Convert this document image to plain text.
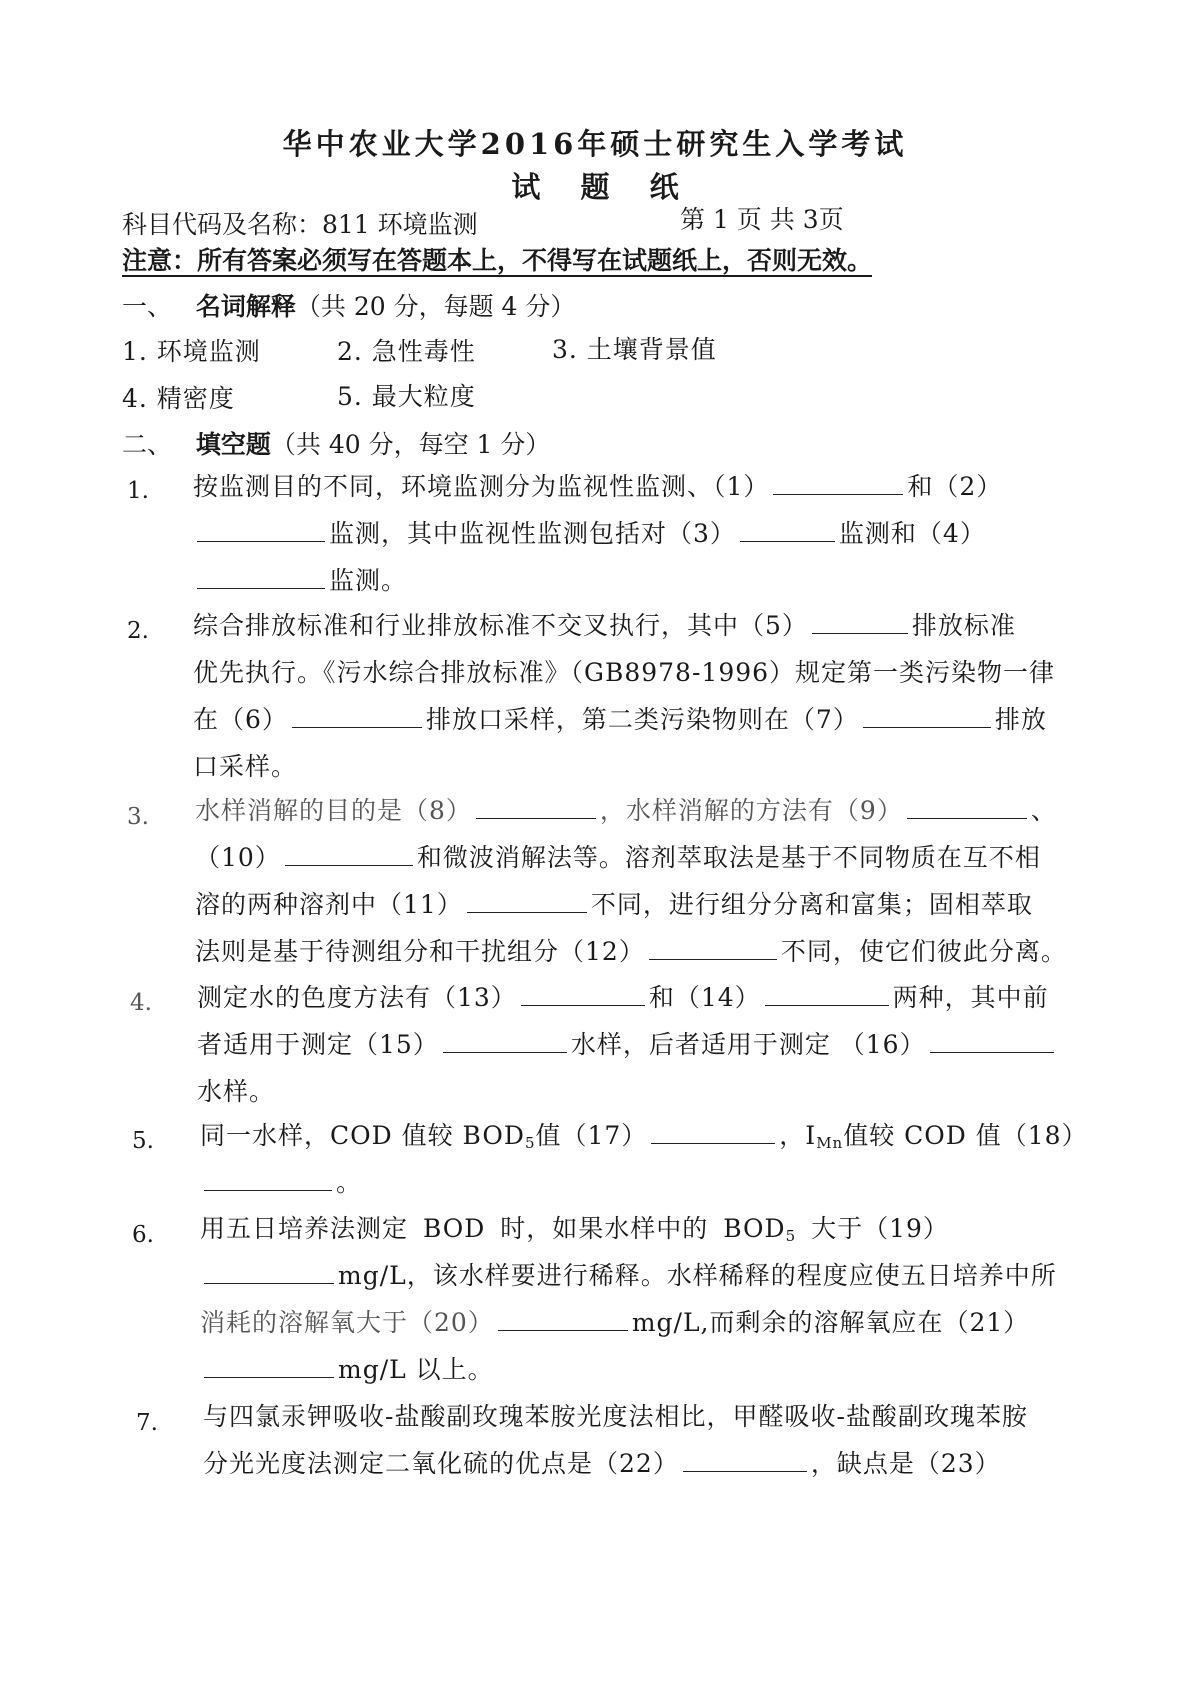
华中农业大学2016年硕士研究生入学考试
试 题 纸
科目代码及名称：811 环境监测	第 1 页 共 3页
注意：所有答案必须写在答题本上，不得写在试题纸上，否则无效。
一、 名词解释（共 20 分，每题 4 分）
1. 环境监测	2. 急性毒性	3. 土壤背景值
4. 精密度	5. 最大粒度
二、 填空题（共 40 分，每空 1 分）
1. 按监测目的不同，环境监测分为监视性监测、（1）	和（2）
监测，其中监视性监测包括对（3）	监测和（4）
监测。
2. 综合排放标准和行业排放标准不交叉执行，其中（5）	排放标准
优先执行。《污水综合排放标准》（GB8978-1996）规定第一类污染物一律
在（6）	排放口采样，第二类污染物则在（7）	排放
口采样。
3. 水样消解的目的是（8）	，水样消解的方法有（9）	、
（10）	和微波消解法等。溶剂萃取法是基于不同物质在互不相
溶的两种溶剂中（11）	不同，进行组分分离和富集；固相萃取
法则是基于待测组分和干扰组分（12）	不同，使它们彼此分离。
4. 测定水的色度方法有（13）	和（14）	两种，其中前
者适用于测定（15）	水样，后者适用于测定 （16）
水样。
5. 同一水样，COD 值较 $BOD_5$值（17）	，$I_{Mn}$值较 COD 值（18）
。
6. 用五日培养法测定 BOD 时，如果水样中的 $BOD_5$ 大于（19）
mg/L，该水样要进行稀释。水样稀释的程度应使五日培养中所
消耗的溶解氧大于（20）	mg/L,而剩余的溶解氧应在（21）
mg/L 以上。
7. 与四氯汞钾吸收-盐酸副玫瑰苯胺光度法相比，甲醛吸收-盐酸副玫瑰苯胺
分光光度法测定二氧化硫的优点是（22）	，缺点是（23）
